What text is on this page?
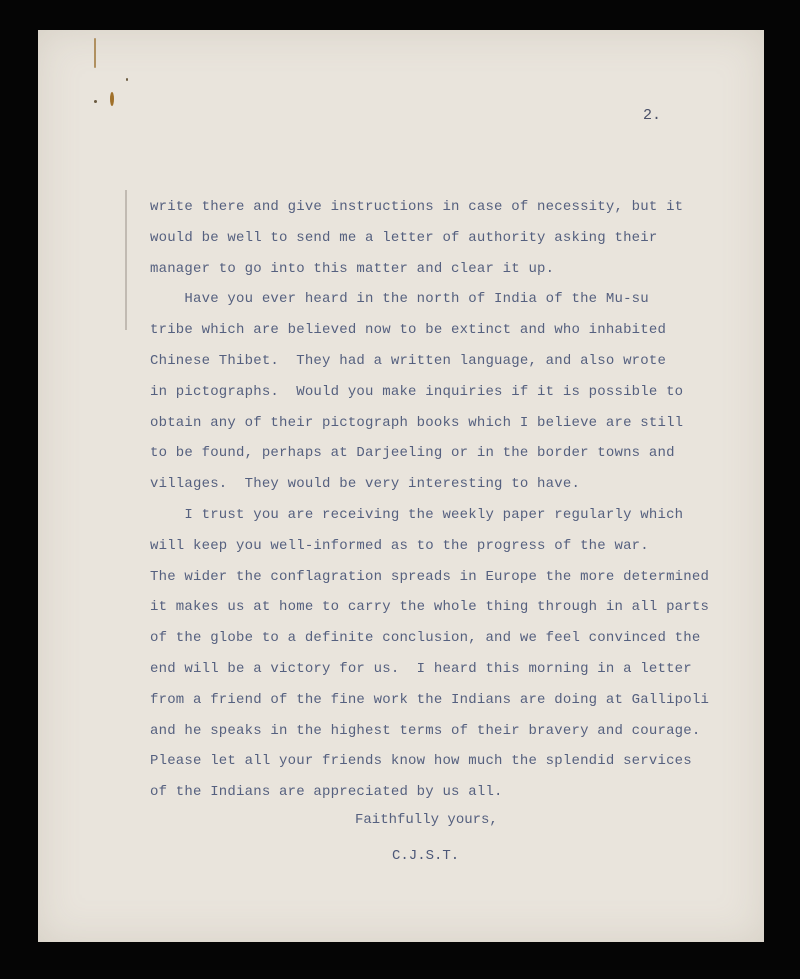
2.
write there and give instructions in case of necessity, but it
would be well to send me a letter of authority asking their
manager to go into this matter and clear it up.
Have you ever heard in the north of India of the Mu-su
tribe which are believed now to be extinct and who inhabited
Chinese Thibet.  They had a written language, and also wrote
in pictographs.  Would you make inquiries if it is possible to
obtain any of their pictograph books which I believe are still
to be found, perhaps at Darjeeling or in the border towns and
villages.  They would be very interesting to have.
I trust you are receiving the weekly paper regularly which
will keep you well-informed as to the progress of the war.
The wider the conflagration spreads in Europe the more determined
it makes us at home to carry the whole thing through in all parts
of the globe to a definite conclusion, and we feel convinced the
end will be a victory for us.  I heard this morning in a letter
from a friend of the fine work the Indians are doing at Gallipoli
and he speaks in the highest terms of their bravery and courage.
Please let all your friends know how much the splendid services
of the Indians are appreciated by us all.
Faithfully yours,
C.J.S.T.
